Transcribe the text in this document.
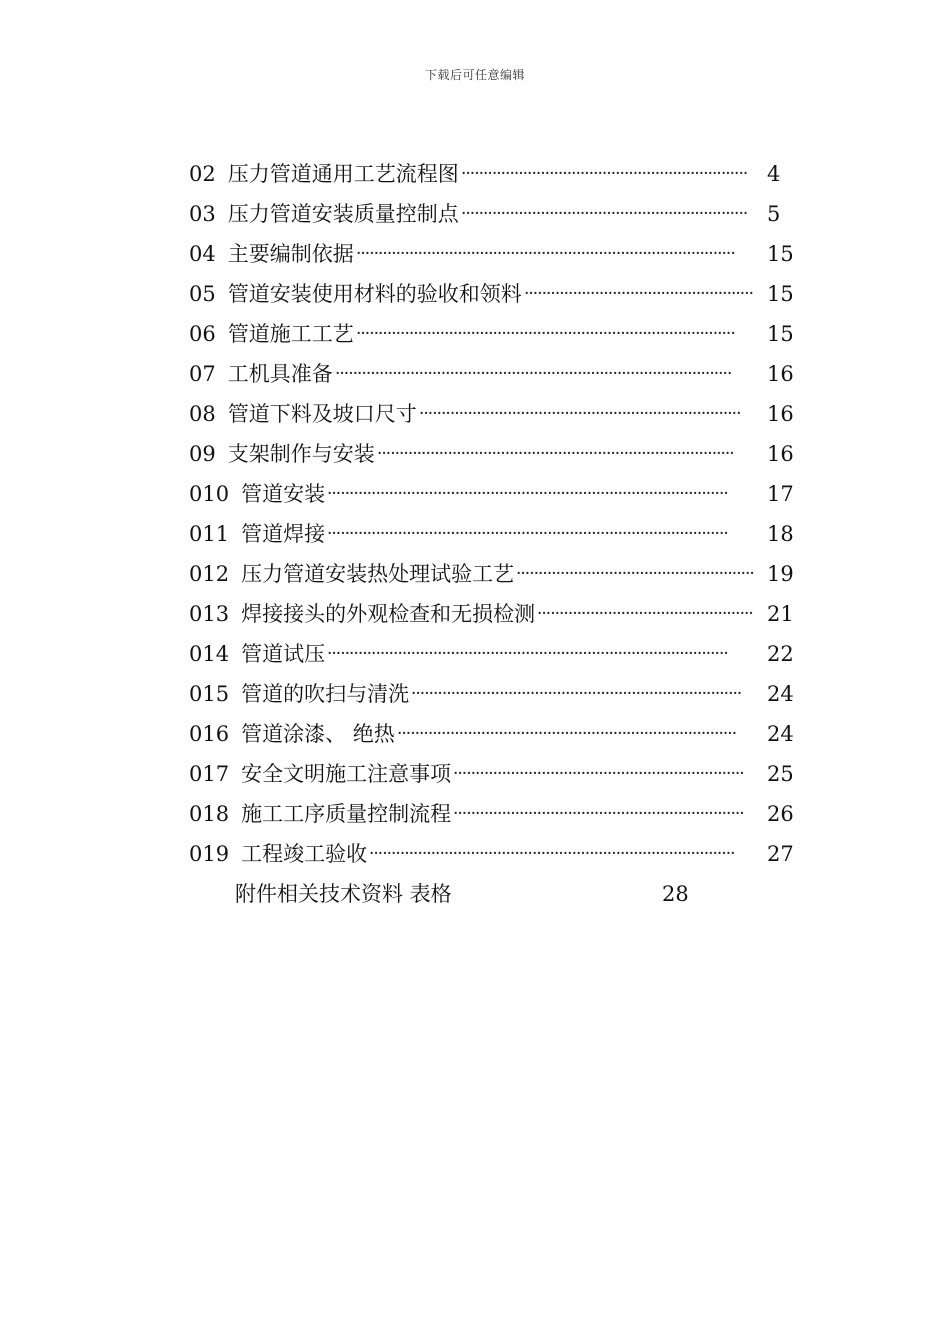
下载后可任意编辑
02 压力管道通用工艺流程图 ································································· 4
03 压力管道安装质量控制点 ································································· 5
04 主要编制依据 ······················································································	15
05 管道安装使用材料的验收和领料 ···················································· 15
06 管道施工工艺 ······················································································	15
07 工机具准备 ··························································································	16
08 管道下料及坡口尺寸 ·········································································	16
09 支架制作与安装 ·················································································	16
010 管道安装 ···························································································	17
011 管道焊接 ···························································································	18
012 压力管道安装热处理试验工艺 ······················································ 19
013 焊接接头的外观检查和无损检测 ················································· 21
014 管道试压 ···························································································	22
015 管道的吹扫与清洗 ···········································································	24
016 管道涂漆、 绝热 ·············································································	24
017 安全文明施工注意事项 ··································································	25
018 施工工序质量控制流程 ··································································	26
019 工程竣工验收 ···················································································	27
附件相关技术资料 表格	28
